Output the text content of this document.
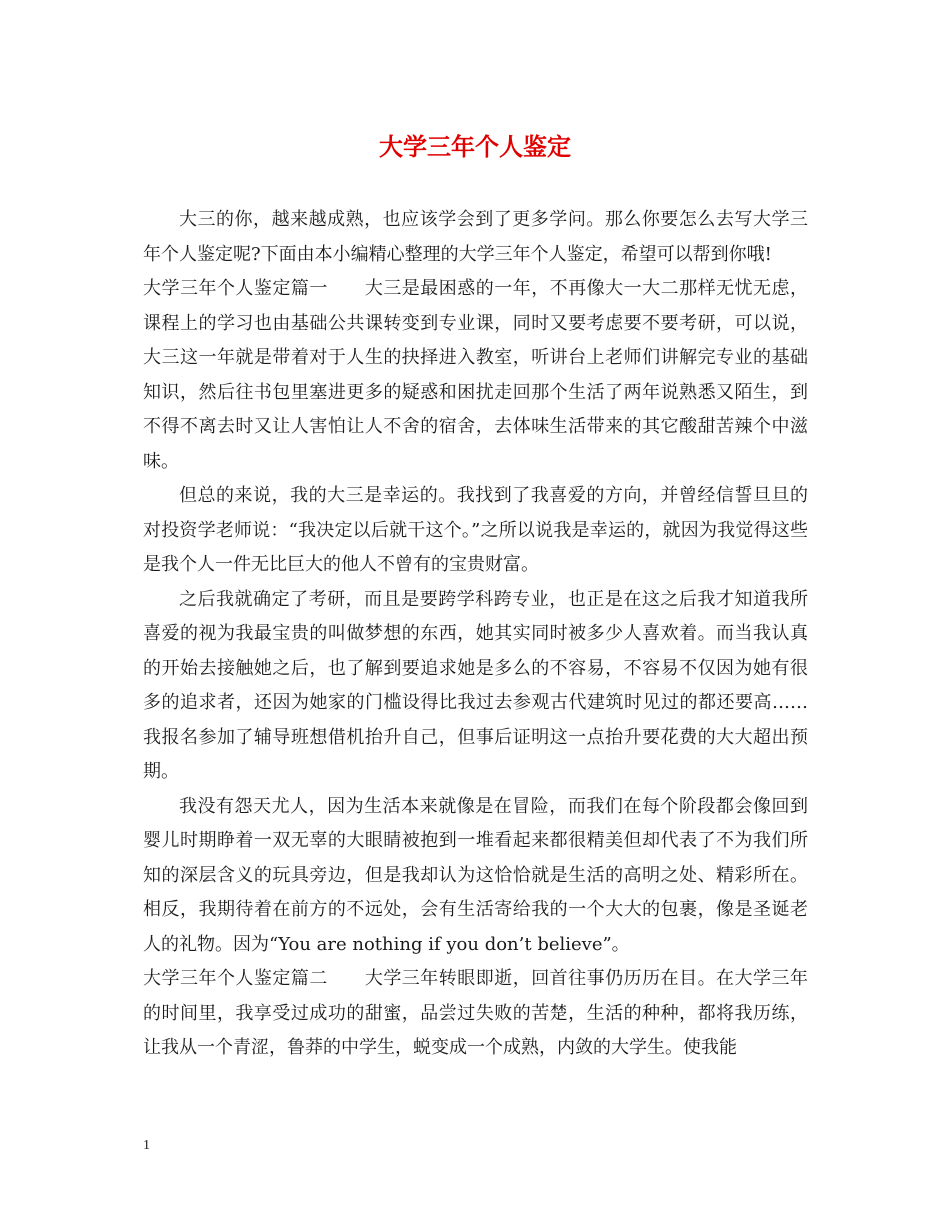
大学三年个人鉴定

大三的你，越来越成熟，也应该学会到了更多学问。那么你要怎么去写大学三年个人鉴定呢?下面由本小编精心整理的大学三年个人鉴定，希望可以帮到你哦!

大学三年个人鉴定篇一　　大三是最困惑的一年，不再像大一大二那样无忧无虑，课程上的学习也由基础公共课转变到专业课，同时又要考虑要不要考研，可以说，大三这一年就是带着对于人生的抉择进入教室，听讲台上老师们讲解完专业的基础知识，然后往书包里塞进更多的疑惑和困扰走回那个生活了两年说熟悉又陌生，到不得不离去时又让人害怕让人不舍的宿舍，去体味生活带来的其它酸甜苦辣个中滋味。

但总的来说，我的大三是幸运的。我找到了我喜爱的方向，并曾经信誓旦旦的对投资学老师说：“我决定以后就干这个。”之所以说我是幸运的，就因为我觉得这些是我个人一件无比巨大的他人不曾有的宝贵财富。

之后我就确定了考研，而且是要跨学科跨专业，也正是在这之后我才知道我所喜爱的视为我最宝贵的叫做梦想的东西，她其实同时被多少人喜欢着。而当我认真的开始去接触她之后，也了解到要追求她是多么的不容易，不容易不仅因为她有很多的追求者，还因为她家的门槛设得比我过去参观古代建筑时见过的都还要高……我报名参加了辅导班想借机抬升自己，但事后证明这一点抬升要花费的大大超出预期。

我没有怨天尤人，因为生活本来就像是在冒险，而我们在每个阶段都会像回到婴儿时期睁着一双无辜的大眼睛被抱到一堆看起来都很精美但却代表了不为我们所知的深层含义的玩具旁边，但是我却认为这恰恰就是生活的高明之处、精彩所在。相反，我期待着在前方的不远处，会有生活寄给我的一个大大的包裹，像是圣诞老人的礼物。因为“You are nothing if you don’t believe”。

大学三年个人鉴定篇二　　大学三年转眼即逝，回首往事仍历历在目。在大学三年的时间里，我享受过成功的甜蜜，品尝过失败的苦楚，生活的种种，都将我历练，让我从一个青涩，鲁莽的中学生，蜕变成一个成熟，内敛的大学生。使我能

1
